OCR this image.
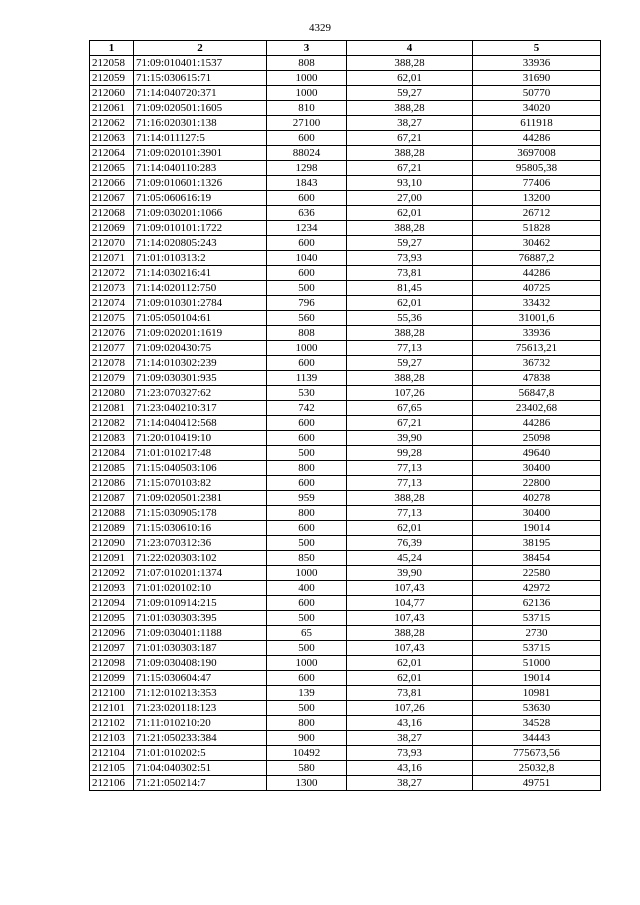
4329
1	2	3	4	5
212058	71:09:010401:1537	808	388,28	33936
212059	71:15:030615:71	1000	62,01	31690
212060	71:14:040720:371	1000	59,27	50770
212061	71:09:020501:1605	810	388,28	34020
212062	71:16:020301:138	27100	38,27	611918
212063	71:14:011127:5	600	67,21	44286
212064	71:09:020101:3901	88024	388,28	3697008
212065	71:14:040110:283	1298	67,21	95805,38
212066	71:09:010601:1326	1843	93,10	77406
212067	71:05:060616:19	600	27,00	13200
212068	71:09:030201:1066	636	62,01	26712
212069	71:09:010101:1722	1234	388,28	51828
212070	71:14:020805:243	600	59,27	30462
212071	71:01:010313:2	1040	73,93	76887,2
212072	71:14:030216:41	600	73,81	44286
212073	71:14:020112:750	500	81,45	40725
212074	71:09:010301:2784	796	62,01	33432
212075	71:05:050104:61	560	55,36	31001,6
212076	71:09:020201:1619	808	388,28	33936
212077	71:09:020430:75	1000	77,13	75613,21
212078	71:14:010302:239	600	59,27	36732
212079	71:09:030301:935	1139	388,28	47838
212080	71:23:070327:62	530	107,26	56847,8
212081	71:23:040210:317	742	67,65	23402,68
212082	71:14:040412:568	600	67,21	44286
212083	71:20:010419:10	600	39,90	25098
212084	71:01:010217:48	500	99,28	49640
212085	71:15:040503:106	800	77,13	30400
212086	71:15:070103:82	600	77,13	22800
212087	71:09:020501:2381	959	388,28	40278
212088	71:15:030905:178	800	77,13	30400
212089	71:15:030610:16	600	62,01	19014
212090	71:23:070312:36	500	76,39	38195
212091	71:22:020303:102	850	45,24	38454
212092	71:07:010201:1374	1000	39,90	22580
212093	71:01:020102:10	400	107,43	42972
212094	71:09:010914:215	600	104,77	62136
212095	71:01:030303:395	500	107,43	53715
212096	71:09:030401:1188	65	388,28	2730
212097	71:01:030303:187	500	107,43	53715
212098	71:09:030408:190	1000	62,01	51000
212099	71:15:030604:47	600	62,01	19014
212100	71:12:010213:353	139	73,81	10981
212101	71:23:020118:123	500	107,26	53630
212102	71:11:010210:20	800	43,16	34528
212103	71:21:050233:384	900	38,27	34443
212104	71:01:010202:5	10492	73,93	775673,56
212105	71:04:040302:51	580	43,16	25032,8
212106	71:21:050214:7	1300	38,27	49751
